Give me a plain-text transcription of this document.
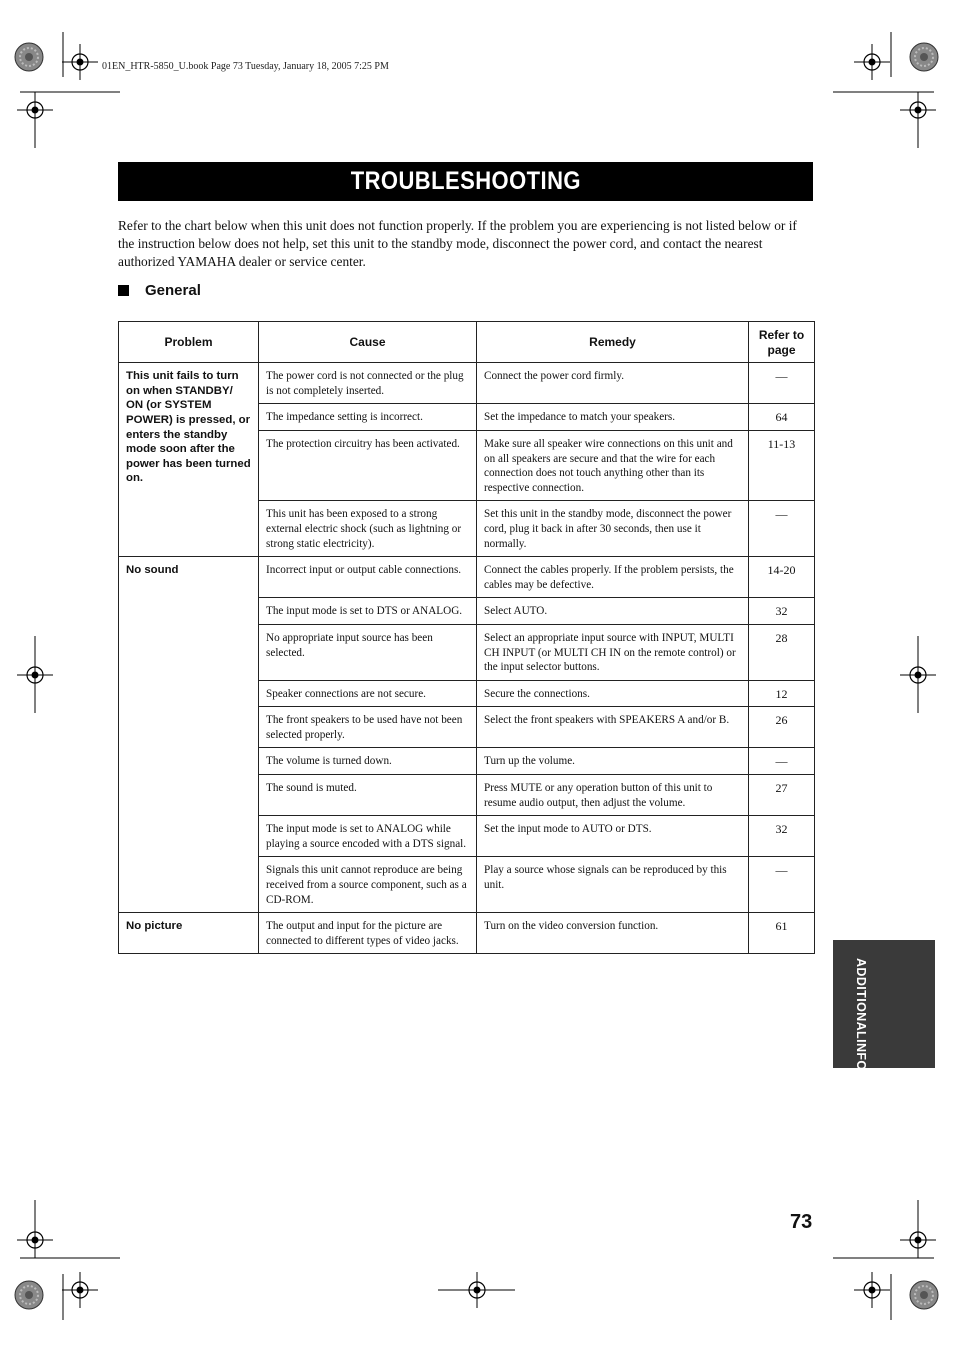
01EN_HTR-5850_U.book Page 73 Tuesday, January 18, 2005 7:25 PM
TROUBLESHOOTING

Refer to the chart below when this unit does not function properly. If the problem you are experiencing is not listed below or if the instruction below does not help, set this unit to the standby mode, disconnect the power cord, and contact the nearest authorized YAMAHA dealer or service center.

General
Problem	Cause	Remedy	Refer to page
This unit fails to turn on when STANDBY/ ON (or SYSTEM POWER) is pressed, or enters the standby mode soon after the power has been turned on.	The power cord is not connected or the plug is not completely inserted.	Connect the power cord firmly.	—
	The impedance setting is incorrect.	Set the impedance to match your speakers.	64
	The protection circuitry has been activated.	Make sure all speaker wire connections on this unit and on all speakers are secure and that the wire for each connection does not touch anything other than its respective connection.	11-13
	This unit has been exposed to a strong external electric shock (such as lightning or strong static electricity).	Set this unit in the standby mode, disconnect the power cord, plug it back in after 30 seconds, then use it normally.	—
No sound	Incorrect input or output cable connections.	Connect the cables properly. If the problem persists, the cables may be defective.	14-20
	The input mode is set to DTS or ANALOG.	Select AUTO.	32
	No appropriate input source has been selected.	Select an appropriate input source with INPUT, MULTI CH INPUT (or MULTI CH IN on the remote control) or the input selector buttons.	28
	Speaker connections are not secure.	Secure the connections.	12
	The front speakers to be used have not been selected properly.	Select the front speakers with SPEAKERS A and/or B.	26
	The volume is turned down.	Turn up the volume.	—
	The sound is muted.	Press MUTE or any operation button of this unit to resume audio output, then adjust the volume.	27
	The input mode is set to ANALOG while playing a source encoded with a DTS signal.	Set the input mode to AUTO or DTS.	32
	Signals this unit cannot reproduce are being received from a source component, such as a CD-ROM.	Play a source whose signals can be reproduced by this unit.	—
No picture	The output and input for the picture are connected to different types of video jacks.	Turn on the video conversion function.	61
ADDITIONALINFORMATION
73
